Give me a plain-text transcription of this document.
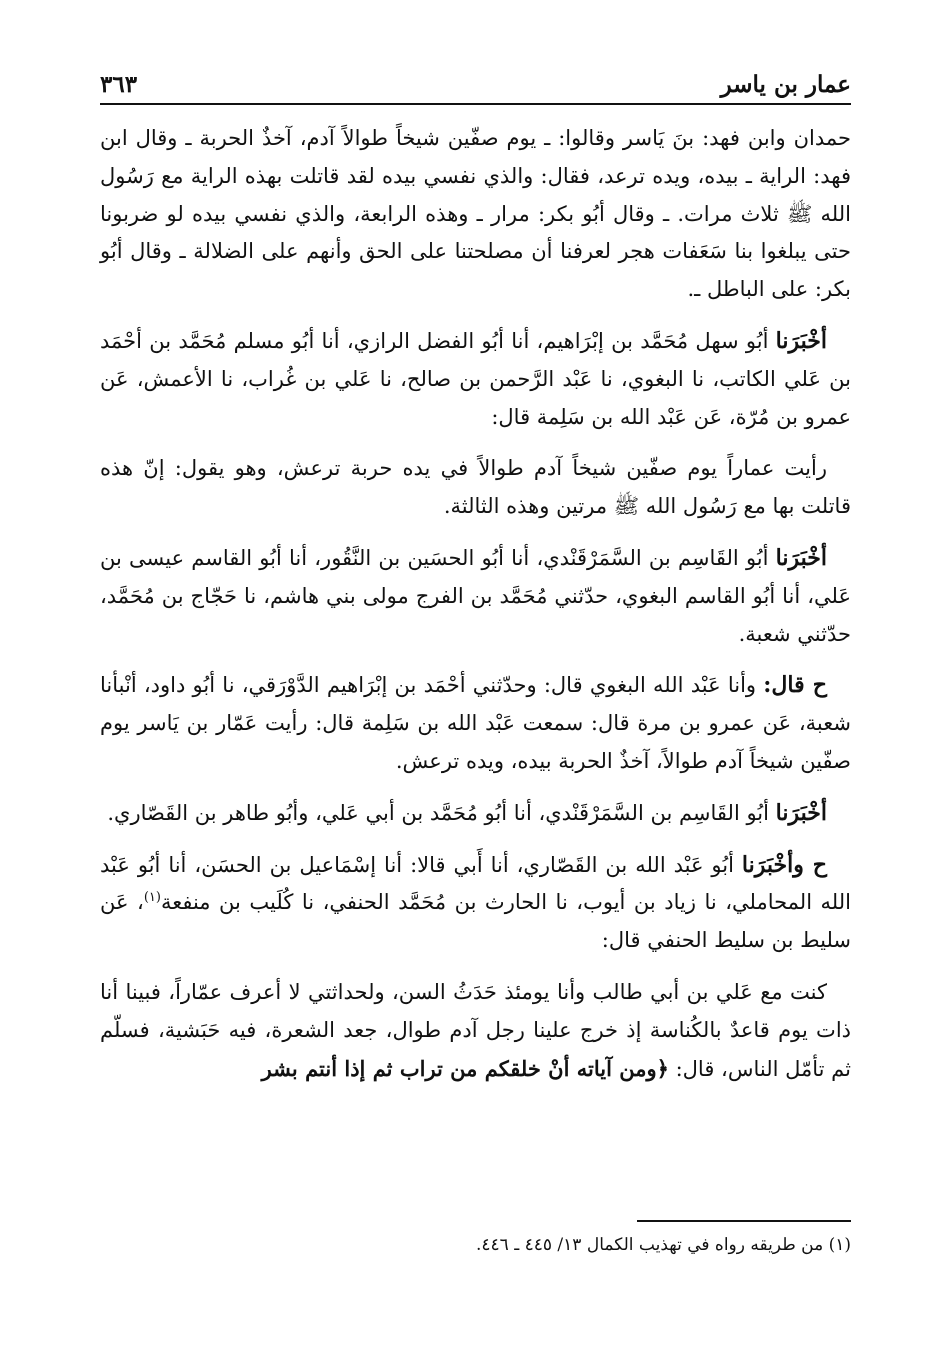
عمار بن ياسر
٣٦٣

حمدان وابن فهد: بنَ يَاسر وقالوا: ـ يوم صفّين شيخاً طوالاً آدم، آخذٌ الحربة ـ وقال ابن فهد: الراية ـ بيده، ويده ترعد، فقال: والذي نفسي بيده لقد قاتلت بهذه الراية مع رَسُول الله ﷺ ثلاث مرات. ـ وقال أبُو بكر: مرار ـ وهذه الرابعة، والذي نفسي بيده لو ضربونا حتى يبلغوا بنا سَعَفات هجر لعرفنا أن مصلحتنا على الحق وأنهم على الضلالة ـ وقال أبُو بكر: على الباطل ـ.

أخْبَرَنا أبُو سهل مُحَمَّد بن إبْرَاهيم، أنا أبُو الفضل الرازي، أنا أبُو مسلم مُحَمَّد بن أحْمَد بن عَلي الكاتب، نا البغوي، نا عَبْد الرَّحمن بن صالح، نا عَلي بن غُراب، نا الأعمش، عَن عمرو بن مُرّة، عَن عَبْد الله بن سَلِمة قال:

رأيت عماراً يوم صفّين شيخاً آدم طوالاً في يده حربة ترعش، وهو يقول: إنّ هذه قاتلت بها مع رَسُول الله ﷺ مرتين وهذه الثالثة.

أخْبَرَنا أبُو القَاسِم بن السَّمَرْقَنْدي، أنا أبُو الحسَين بن النَّقُور، أنا أبُو القاسم عيسى بن عَلي، أنا أبُو القاسم البغوي، حدّثني مُحَمَّد بن الفرج مولى بني هاشم، نا حَجّاج بن مُحَمَّد، حدّثني شعبة.

ح قال: وأنا عَبْد الله البغوي قال: وحدّثني أحْمَد بن إبْرَاهيم الدَّوْرَقي، نا أبُو داود، أنْبأنا شعبة، عَن عمرو بن مرة قال: سمعت عَبْد الله بن سَلِمة قال: رأيت عَمّار بن يَاسر يوم صفّين شيخاً آدم طوالاً، آخذٌ الحربة بيده، ويده ترعش.

أخْبَرَنا أبُو القَاسِم بن السَّمَرْقَنْدي، أنا أبُو مُحَمَّد بن أبي عَلي، وأبُو طاهر بن القَصّاري.

ح وأخْبَرَنا أبُو عَبْد الله بن القَصّاري، أنا أَبي قالا: أنا إسْمَاعيل بن الحسَن، أنا أبُو عَبْد الله المحاملي، نا زياد بن أيوب، نا الحارث بن مُحَمَّد الحنفي، نا كُلَيب بن منفعة$^{(١)}$، عَن سليط بن سليط الحنفي قال:

كنت مع عَلي بن أبي طالب وأنا يومئذ حَدَثُ السن، ولحداثتي لا أعرف عمّاراً، فبينا أنا ذات يوم قاعدٌ بالكُناسة إذ خرج علينا رجل آدم طوال، جعد الشعرة، فيه حَبَشية، فسلّم ثم تأمّل الناس، قال: ﴿ومن آياته أنْ خلقكم من تراب ثم إذا أنتم بشر

(١) من طريقه رواه في تهذيب الكمال ١٣/ ٤٤٥ ـ ٤٤٦.
